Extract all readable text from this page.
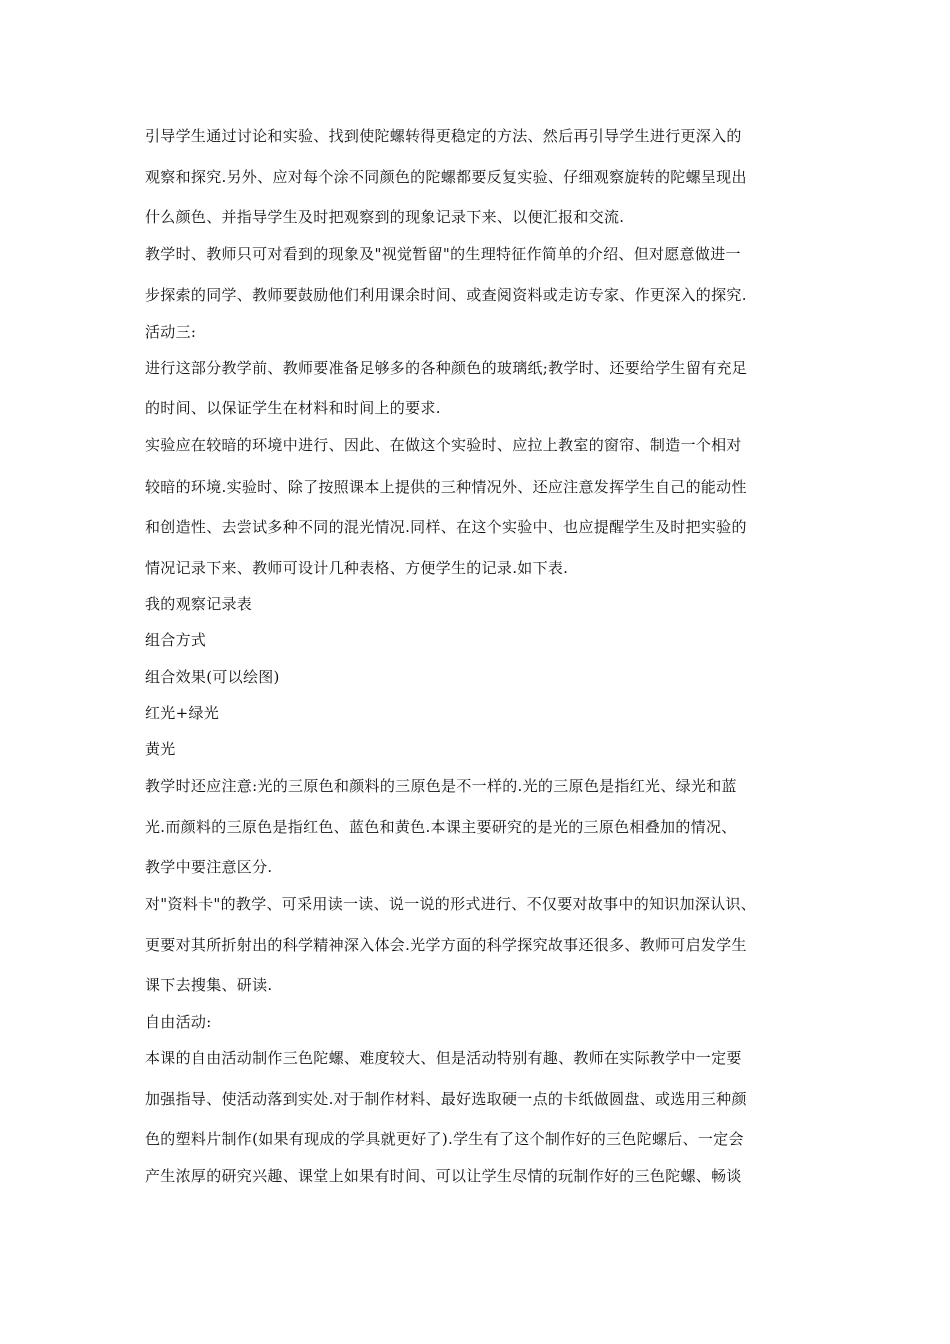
引导学生通过讨论和实验、找到使陀螺转得更稳定的方法、然后再引导学生进行更深入的
观察和探究.另外、应对每个涂不同颜色的陀螺都要反复实验、仔细观察旋转的陀螺呈现出
什么颜色、并指导学生及时把观察到的现象记录下来、以便汇报和交流.
教学时、教师只可对看到的现象及"视觉暂留"的生理特征作简单的介绍、但对愿意做进一
步探索的同学、教师要鼓励他们利用课余时间、或查阅资料或走访专家、作更深入的探究.
活动三:
进行这部分教学前、教师要准备足够多的各种颜色的玻璃纸;教学时、还要给学生留有充足
的时间、以保证学生在材料和时间上的要求.
实验应在较暗的环境中进行、因此、在做这个实验时、应拉上教室的窗帘、制造一个相对
较暗的环境.实验时、除了按照课本上提供的三种情况外、还应注意发挥学生自己的能动性
和创造性、去尝试多种不同的混光情况.同样、在这个实验中、也应提醒学生及时把实验的
情况记录下来、教师可设计几种表格、方便学生的记录.如下表.
我的观察记录表
组合方式
组合效果(可以绘图)
红光+绿光
黄光
教学时还应注意:光的三原色和颜料的三原色是不一样的.光的三原色是指红光、绿光和蓝
光.而颜料的三原色是指红色、蓝色和黄色.本课主要研究的是光的三原色相叠加的情况、
教学中要注意区分.
对"资料卡"的教学、可采用读一读、说一说的形式进行、不仅要对故事中的知识加深认识、
更要对其所折射出的科学精神深入体会.光学方面的科学探究故事还很多、教师可启发学生
课下去搜集、研读.
自由活动:
本课的自由活动制作三色陀螺、难度较大、但是活动特别有趣、教师在实际教学中一定要
加强指导、使活动落到实处.对于制作材料、最好选取硬一点的卡纸做圆盘、或选用三种颜
色的塑料片制作(如果有现成的学具就更好了).学生有了这个制作好的三色陀螺后、一定会
产生浓厚的研究兴趣、课堂上如果有时间、可以让学生尽情的玩制作好的三色陀螺、畅谈
